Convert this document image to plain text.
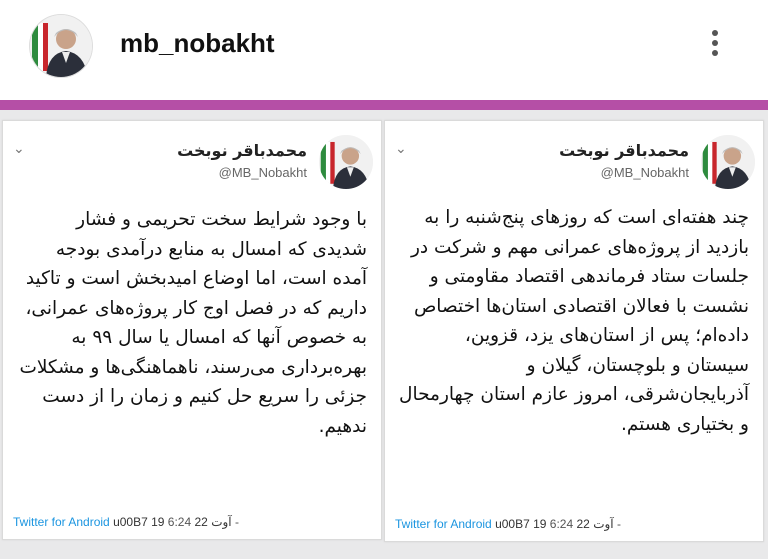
mb_nobakht
⌄	محمدباقر نوبخت
@MB_Nobakht
با وجود شرایط سخت تحریمی و فشار شدیدی که امسال به منابع درآمدی بودجه آمده است، اما اوضاع امیدبخش است و تاکید داریم که در فصل اوج کار پروژه‌های عمرانی، به خصوص آنها که امسال یا سال ۹۹ به بهره‌برداری می‌رسند، ناهماهنگی‌ها و مشکلات جزئی را سریع حل کنیم و زمان را از دست ندهیم.
Twitter for Android u00B7 19 ‎آوت 22 6:24 -
⌄	محمدباقر نوبخت
@MB_Nobakht
چند هفته‌ای است که روزهای پنج‌شنبه را به بازدید از پروژه‌های عمرانی مهم و شرکت در جلسات ستاد فرماندهی اقتصاد مقاومتی و نشست با فعالان اقتصادی استان‌ها اختصاص داده‌ام؛ پس از استان‌های یزد، قزوین، سیستان و بلوچستان، گیلان و آذربایجان‌شرقی، امروز عازم استان چهارمحال و بختیاری هستم.
Twitter for Android u00B7 19 ‎آوت 22 6:24 -
